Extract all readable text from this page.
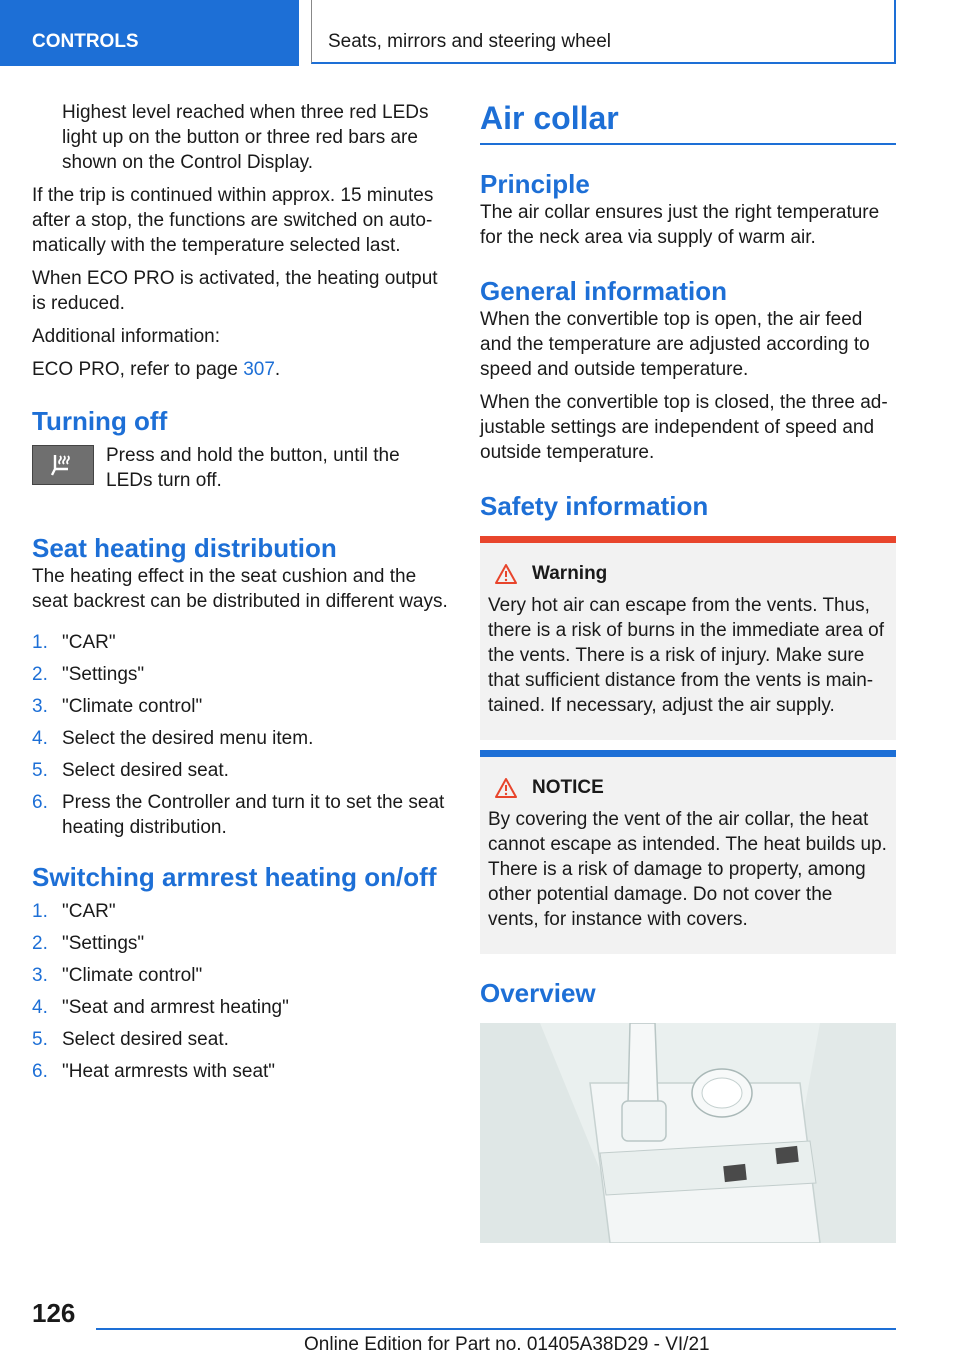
CONTROLS	Seats, mirrors and steering wheel

Highest level reached when three red LEDs light up on the button or three red bars are shown on the Control Display.

If the trip is continued within approx. 15 minutes after a stop, the functions are switched on auto‐matically with the temperature selected last.

When ECO PRO is activated, the heating output is reduced.

Additional information:

ECO PRO, refer to page 307.

Turning off

Press and hold the button, until the LEDs turn off.

Seat heating distribution

The heating effect in the seat cushion and the seat backrest can be distributed in different ways.

1. "CAR"
2. "Settings"
3. "Climate control"
4. Select the desired menu item.
5. Select desired seat.
6. Press the Controller and turn it to set the seat heating distribution.
Switching armrest heating on/off
1. "CAR"
2. "Settings"
3. "Climate control"
4. "Seat and armrest heating"
5. Select desired seat.
6. "Heat armrests with seat"
Air collar
Principle

The air collar ensures just the right temperature for the neck area via supply of warm air.

General information

When the convertible top is open, the air feed and the temperature are adjusted according to speed and outside temperature.

When the convertible top is closed, the three ad‐justable settings are independent of speed and outside temperature.

Safety information
Warning

Very hot air can escape from the vents. Thus, there is a risk of burns in the immediate area of the vents. There is a risk of injury. Make sure that sufficient distance from the vents is main‐tained. If necessary, adjust the air supply.

NOTICE

By covering the vent of the air collar, the heat cannot escape as intended. The heat builds up. There is a risk of damage to property, among other potential damage. Do not cover the vents, for instance with covers.

Overview
126
Online Edition for Part no. 01405A38D29 - VI/21
